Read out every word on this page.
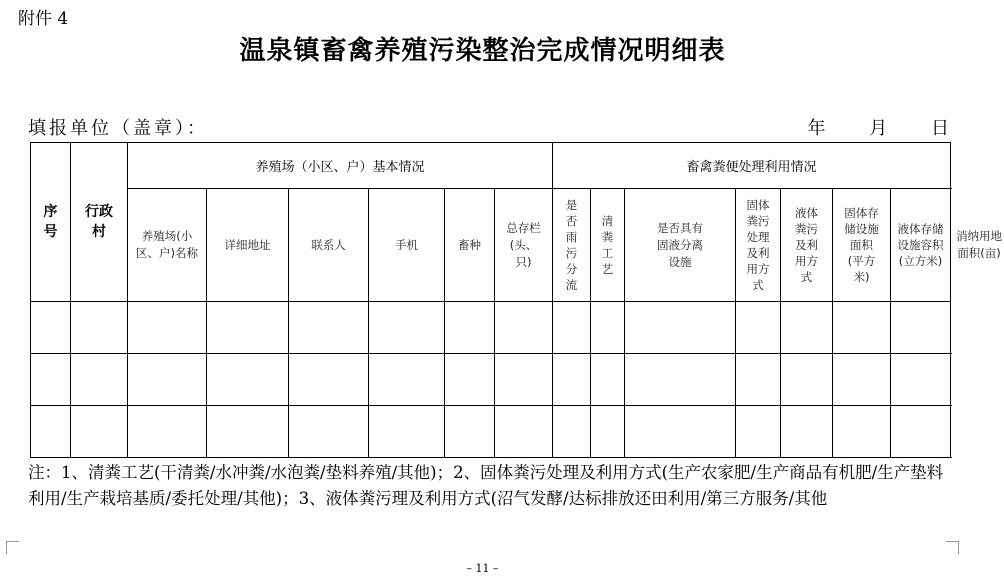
附件 4
温泉镇畜禽养殖污染整治完成情况明细表
填报单位（盖章）：	年 月 日
序号	行政村	养殖场（小区、户）基本情况						畜禽粪便处理利用情况							
		养殖场(小区、户)名称	详细地址	联系人	手机	畜种	总存栏(头、只)	是否雨污分流	清粪工艺	是否具有固液分离设施	固体粪污处理及利用方式	液体粪污及利用方式	固体存储设施面积(平方米)	液体存储设施容积(立方米)	消纳用地面积(亩)

注：1、清粪工艺(干清粪/水冲粪/水泡粪/垫料养殖/其他)；2、固体粪污处理及利用方式(生产农家肥/生产商品有机肥/生产垫料利用/生产栽培基质/委托处理/其他)；3、液体粪污理及利用方式(沼气发酵/达标排放还田利用/第三方服务/其他
– 11 –
